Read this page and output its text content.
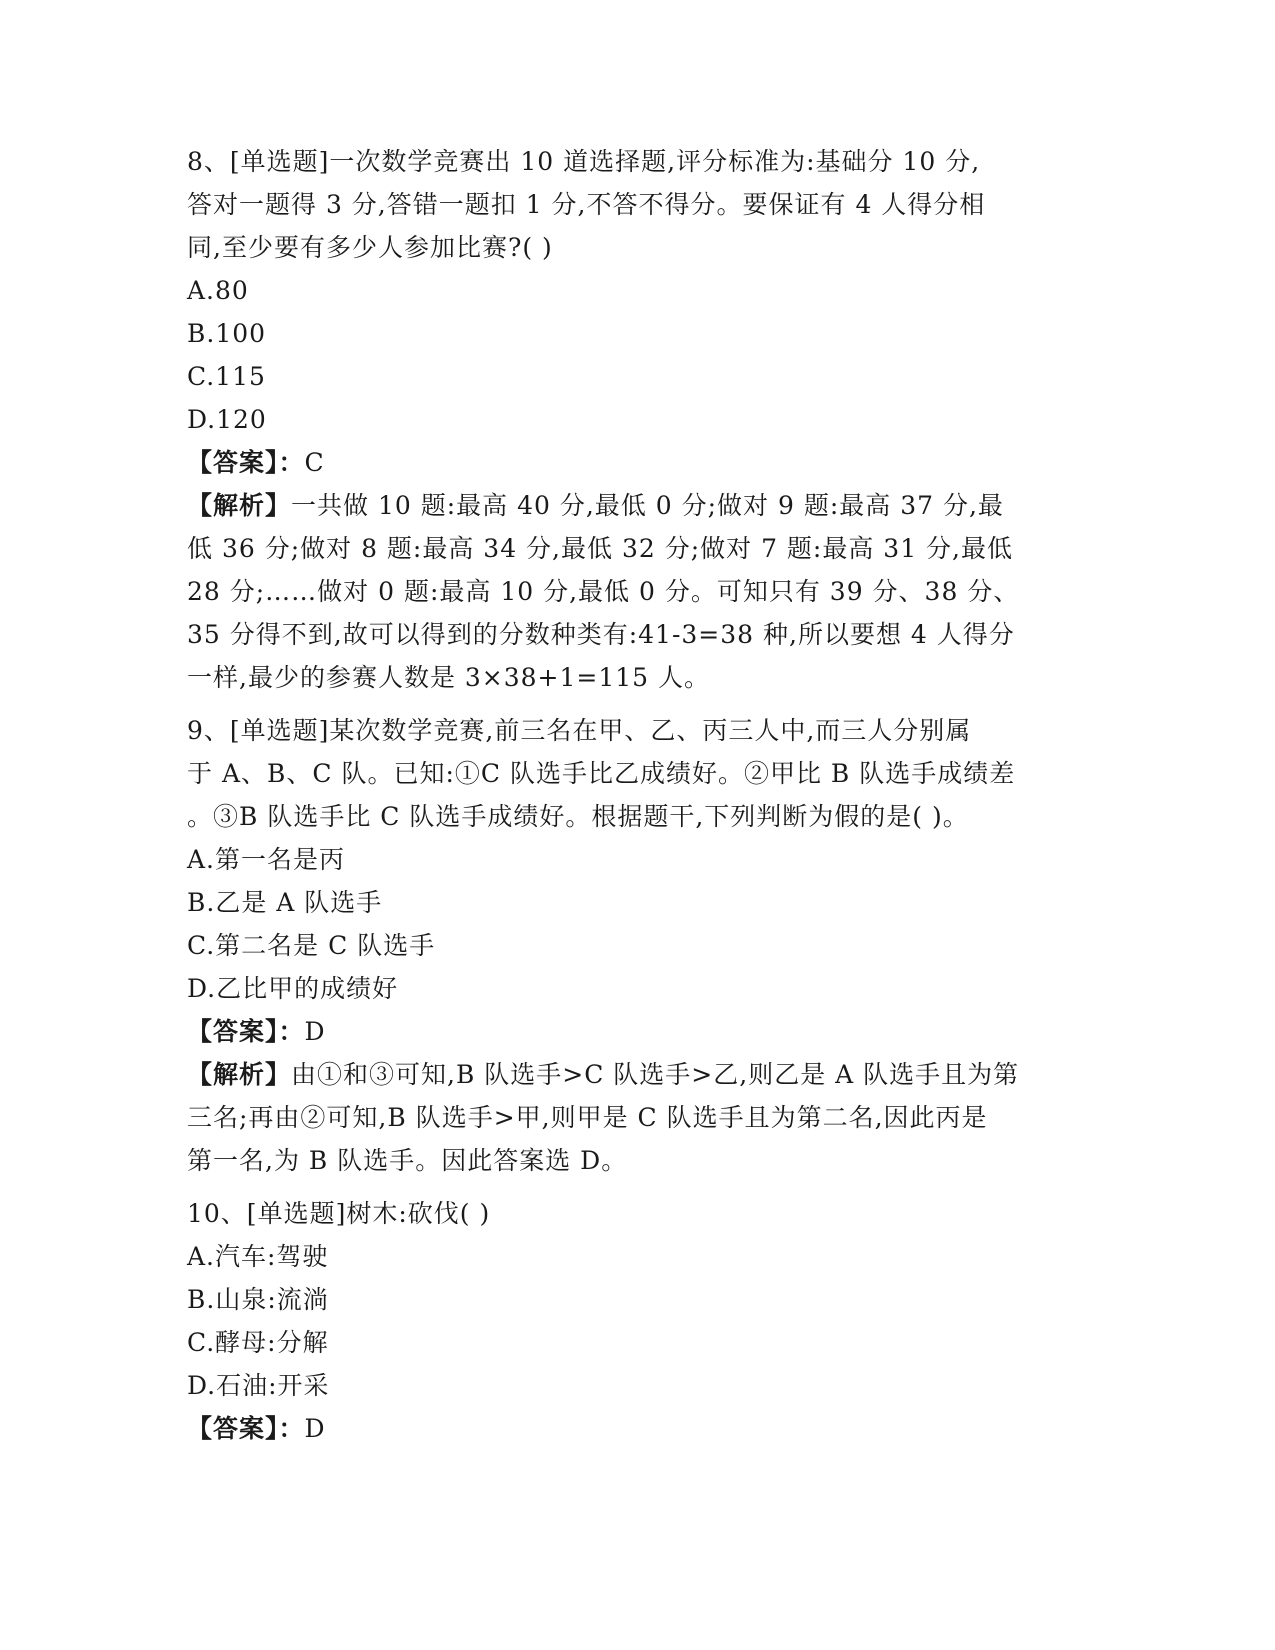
8、[单选题]一次数学竞赛出 10 道选择题,评分标准为:基础分 10 分,
答对一题得 3 分,答错一题扣 1 分,不答不得分。要保证有 4 人得分相
同,至少要有多少人参加比赛?( )
A.80
B.100
C.115
D.120
【答案】：C
【解析】一共做 10 题:最高 40 分,最低 0 分;做对 9 题:最高 37 分,最
低 36 分;做对 8 题:最高 34 分,最低 32 分;做对 7 题:最高 31 分,最低
28 分;……做对 0 题:最高 10 分,最低 0 分。可知只有 39 分、38 分、
35 分得不到,故可以得到的分数种类有:41-3=38 种,所以要想 4 人得分
一样,最少的参赛人数是 3×38+1=115 人。
9、[单选题]某次数学竞赛,前三名在甲、乙、丙三人中,而三人分别属
于 A、B、C 队。已知:①C 队选手比乙成绩好。②甲比 B 队选手成绩差
。③B 队选手比 C 队选手成绩好。根据题干,下列判断为假的是( )。
A.第一名是丙
B.乙是 A 队选手
C.第二名是 C 队选手
D.乙比甲的成绩好
【答案】：D
【解析】由①和③可知,B 队选手>C 队选手>乙,则乙是 A 队选手且为第
三名;再由②可知,B 队选手>甲,则甲是 C 队选手且为第二名,因此丙是
第一名,为 B 队选手。因此答案选 D。
10、[单选题]树木:砍伐( )
A.汽车:驾驶
B.山泉:流淌
C.酵母:分解
D.石油:开采
【答案】：D
